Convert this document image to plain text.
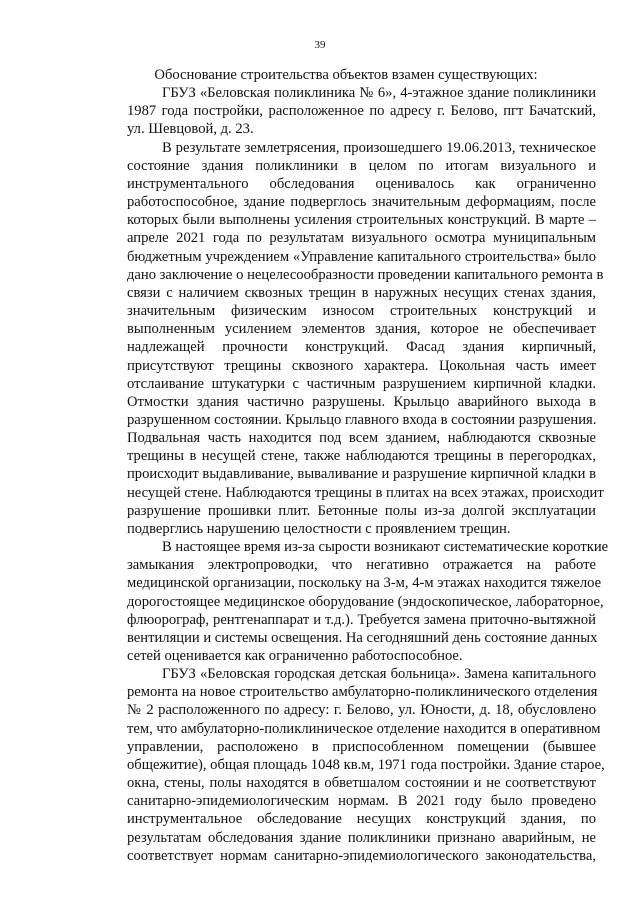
39

Обоснование строительства объектов взамен существующих:

ГБУЗ «Беловская поликлиника № 6», 4-этажное здание поликлиники
1987 года постройки, расположенное по адресу г. Белово, пгт Бачатский,
ул. Шевцовой, д. 23.
В результате землетрясения, произошедшего 19.06.2013, техническое
состояние здания поликлиники в целом по итогам визуального и
инструментального обследования оценивалось как ограниченно
работоспособное, здание подверглось значительным деформациям, после
которых были выполнены усиления строительных конструкций. В марте –
апреле 2021 года по результатам визуального осмотра муниципальным
бюджетным учреждением «Управление капитального строительства» было
дано заключение о нецелесообразности проведении капитального ремонта в
связи с наличием сквозных трещин в наружных несущих стенах здания,
значительным физическим износом строительных конструкций и
выполненным усилением элементов здания, которое не обеспечивает
надлежащей прочности конструкций. Фасад здания кирпичный,
присутствуют трещины сквозного характера. Цокольная часть имеет
отслаивание штукатурки с частичным разрушением кирпичной кладки.
Отмостки здания частично разрушены. Крыльцо аварийного выхода в
разрушенном состоянии. Крыльцо главного входа в состоянии разрушения.
Подвальная часть находится под всем зданием, наблюдаются сквозные
трещины в несущей стене, также наблюдаются трещины в перегородках,
происходит выдавливание, вываливание и разрушение кирпичной кладки в
несущей стене. Наблюдаются трещины в плитах на всех этажах, происходит
разрушение прошивки плит. Бетонные полы из-за долгой эксплуатации
подверглись нарушению целостности с проявлением трещин.
В настоящее время из-за сырости возникают систематические короткие
замыкания электропроводки, что негативно отражается на работе
медицинской организации, поскольку на 3-м, 4-м этажах находится тяжелое
дорогостоящее медицинское оборудование (эндоскопическое, лабораторное,
флюорограф, рентгенаппарат и т.д.). Требуется замена приточно-вытяжной
вентиляции и системы освещения. На сегодняшний день состояние данных
сетей оценивается как ограниченно работоспособное.
ГБУЗ «Беловская городская детская больница». Замена капитального
ремонта на новое строительство амбулаторно-поликлинического отделения
№ 2 расположенного по адресу: г. Белово, ул. Юности, д. 18, обусловлено
тем, что амбулаторно-поликлиническое отделение находится в оперативном
управлении, расположено в приспособленном помещении (бывшее
общежитие), общая площадь 1048 кв.м, 1971 года постройки. Здание старое,
окна, стены, полы находятся в обветшалом состоянии и не соответствуют
санитарно-эпидемиологическим нормам. В 2021 году было проведено
инструментальное обследование несущих конструкций здания, по
результатам обследования здание поликлиники признано аварийным, не
соответствует нормам санитарно-эпидемиологического законодательства,
